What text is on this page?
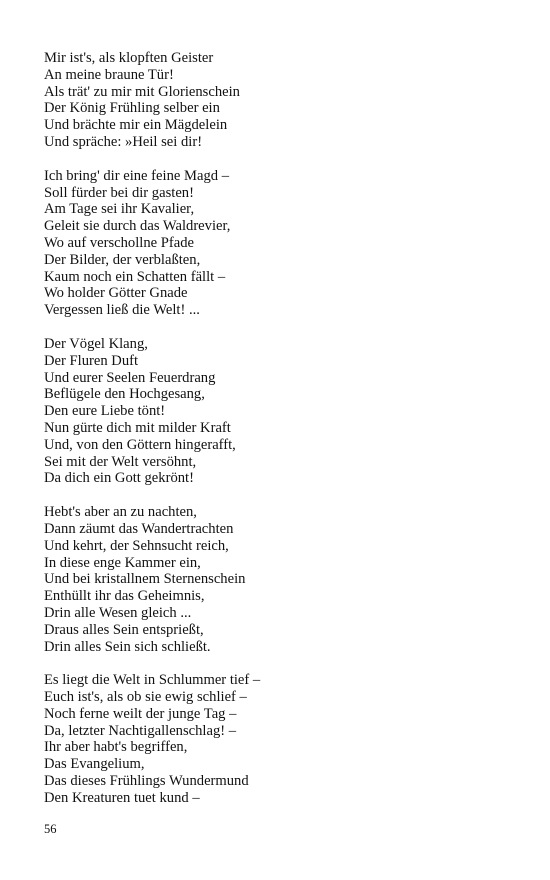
Mir ist's, als klopften Geister
An meine braune Tür!
Als trät' zu mir mit Glorienschein
Der König Frühling selber ein
Und brächte mir ein Mägdelein
Und spräche: »Heil sei dir!
Ich bring' dir eine feine Magd –
Soll fürder bei dir gasten!
Am Tage sei ihr Kavalier,
Geleit sie durch das Waldrevier,
Wo auf verschollne Pfade
Der Bilder, der verblaßten,
Kaum noch ein Schatten fällt –
Wo holder Götter Gnade
Vergessen ließ die Welt! ...
Der Vögel Klang,
Der Fluren Duft
Und eurer Seelen Feuerdrang
Beflügele den Hochgesang,
Den eure Liebe tönt!
Nun gürte dich mit milder Kraft
Und, von den Göttern hingerafft,
Sei mit der Welt versöhnt,
Da dich ein Gott gekrönt!
Hebt's aber an zu nachten,
Dann zäumt das Wandertrachten
Und kehrt, der Sehnsucht reich,
In diese enge Kammer ein,
Und bei kristallnem Sternenschein
Enthüllt ihr das Geheimnis,
Drin alle Wesen gleich ...
Draus alles Sein entsprießt,
Drin alles Sein sich schließt.
Es liegt die Welt in Schlummer tief –
Euch ist's, als ob sie ewig schlief –
Noch ferne weilt der junge Tag –
Da, letzter Nachtigallenschlag! –
Ihr aber habt's begriffen,
Das Evangelium,
Das dieses Frühlings Wundermund
Den Kreaturen tuet kund –
56
